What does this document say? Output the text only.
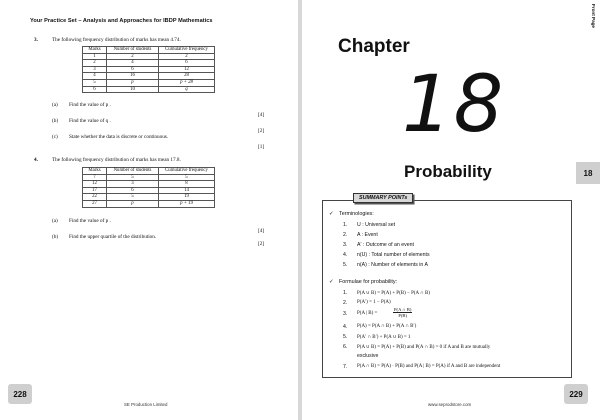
Your Practice Set – Analysis and Approaches for IBDP Mathematics
3.	The following frequency distribution of marks has mean 4.74.
Marks	Number of students	Cumulative frequency
1	2	2
2	4	6
3	6	12
4	16	28
5	p	p + 28
6	10	q
(a) Find the value of p .
[4]
(b) Find the value of q .
[2]
(c) State whether the data is discrete or continuous.
[1]
4.	The following frequency distribution of marks has mean 17.8.
Marks	Number of students	Cumulative frequency
7	5	5
12	3	8
17	6	14
22	5	19
27	p	p + 19
(a) Find the value of p .
[4]
(b) Find the upper quartile of the distribution.
[2]
228
SE Production Limited
Front Page
Chapter
18
Probability	18
SUMMARY POINTs
✓ Terminologies:
1. U : Universal set
2. A : Event
3. A′ : Outcome of an event
4. n(U) : Total number of elements
5. n(A) : Number of elements in A
✓ Formulae for probability:
1. P(A ∪ B) = P(A) + P(B) − P(A ∩ B)
2. P(A′) = 1 − P(A)
3. P(A | B) =	$\frac{P(A \cap B)}{P(B)}$
4. P(A) = P(A ∩ B) + P(A ∩ B′)
5. P(A′ ∩ B′) + P(A ∪ B) = 1
6. P(A ∪ B) = P(A) + P(B) and P(A ∩ B) = 0 if A and B are mutually
exclusive
7. P(A ∩ B) = P(A) · P(B) and P(A | B) = P(A) if A and B are independent
229
www.seprodstore.com
